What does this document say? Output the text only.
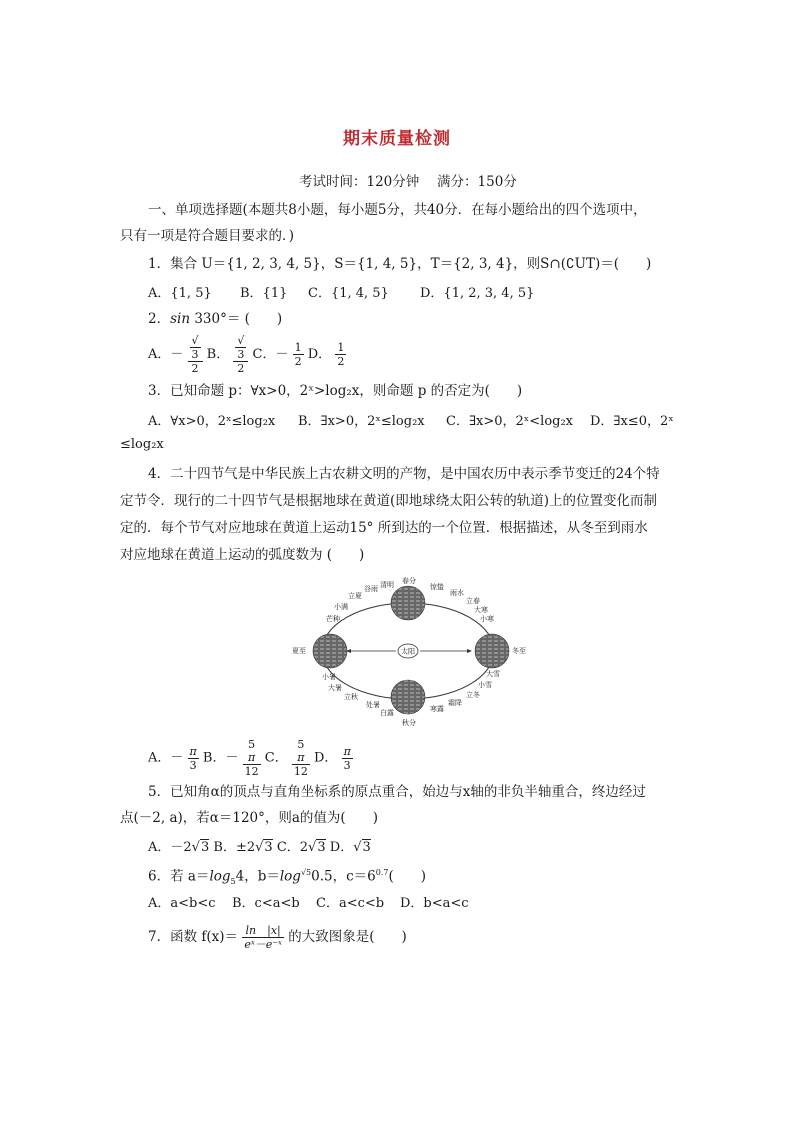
期末质量检测
考试时间：120分钟　 满分：150分
一、单项选择题(本题共8小题，每小题5分，共40分．在每小题给出的四个选项中，
只有一项是符合题目要求的．)
1．集合 U＝{1, 2, 3, 4, 5}，S＝{1, 4, 5}，T＝{2, 3, 4}，则S∩(∁UT)＝(　　)
A．{1, 5} B．{1} C．{1, 4, 5} D．{1, 2, 3, 4, 5}
2．sin 330°＝ (　　)
A．－ √
3
2 B． √
3
2 C．－ $\frac{1}{2}$ D． $\frac{1}{2}$
3．已知命题 p：∀x>0，2ˣ>log₂x，则命题 p 的否定为(　　)
A．∀x>0，2ˣ≤log₂x B．∃x>0，2ˣ≤log₂x C．∃x>0，2ˣ<log₂x D．∃x≤0，2ˣ
≤log₂x
4．二十四节气是中华民族上古农耕文明的产物，是中国农历中表示季节变迁的24个特
定节令．现行的二十四节气是根据地球在黄道(即地球绕太阳公转的轨道)上的位置变化而制
定的．每个节气对应地球在黄道上运动15° 所到达的一个位置．根据描述，从冬至到雨水
对应地球在黄道上运动的弧度数为 (　　)
太阳
春分
秋分
夏至	冬至
清明
谷雨
立夏
小满
芒种
惊蛰
雨水
立春
大寒
小寒
小暑
大暑
立秋
处暑
白露	寒露
霜降
立冬
小雪
大雪
A．－ $\frac{\pi}{3}$ B．－ 5
π
12 C． 5
π
12 D． $\frac{\pi}{3}$
5．已知角α的顶点与直角坐标系的原点重合，始边与x轴的非负半轴重合，终边经过
点(－2, a)，若α＝120°，则a的值为(　　)
A．－2√3 B．±2√3 C．2√3 D．√3
6．若 $a=\log_54$，$b=\log^{√5}0.5$，$c=6^{0.7}$(　　)
A．a<b<c B．c<a<b C．a<c<b D．b<a<c
7．函数 $f(x)= \frac{\ln |x|}{\text{eˣ－e⁻ˣ}}$ 的大致图象是(　　)
